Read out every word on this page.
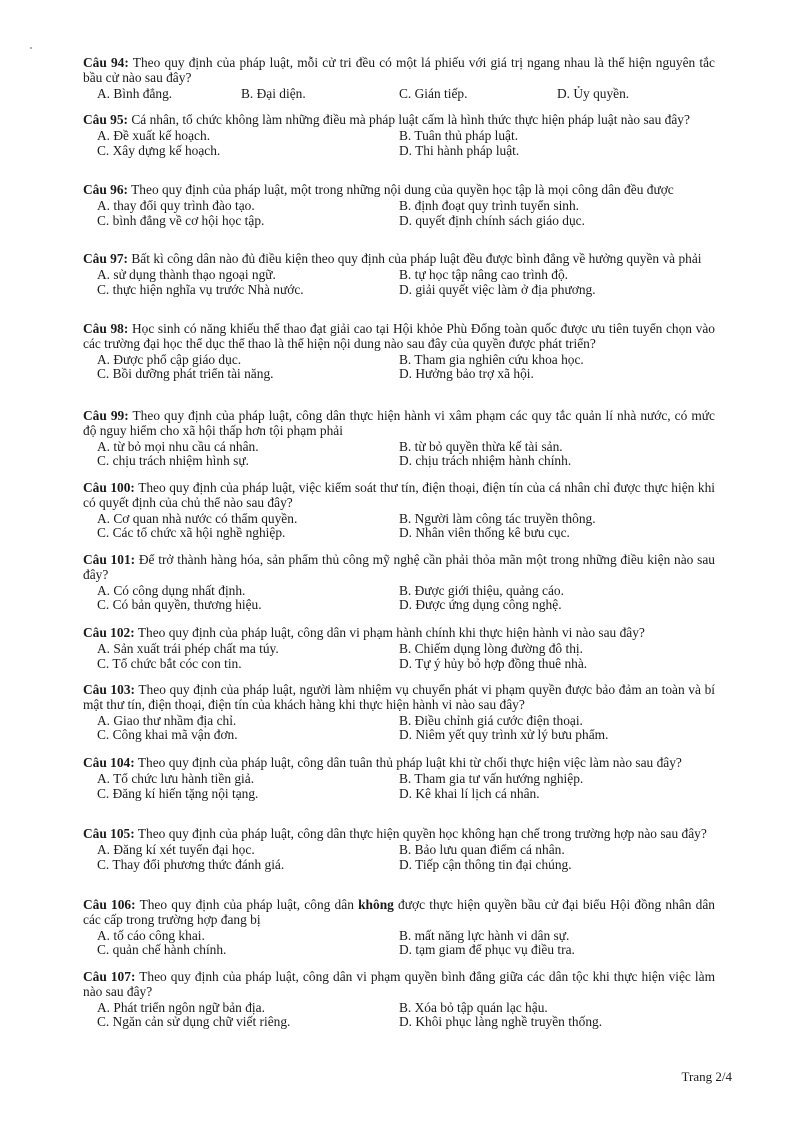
Câu 94: Theo quy định của pháp luật, mỗi cử tri đều có một lá phiếu với giá trị ngang nhau là thể hiện nguyên tắc bầu cử nào sau đây?
A. Bình đẳng.	B. Đại diện.	C. Gián tiếp.	D. Ủy quyền.
Câu 95: Cá nhân, tổ chức không làm những điều mà pháp luật cấm là hình thức thực hiện pháp luật nào sau đây?
A. Đề xuất kế hoạch.	B. Tuân thủ pháp luật.
C. Xây dựng kế hoạch.	D. Thi hành pháp luật.
Câu 96: Theo quy định của pháp luật, một trong những nội dung của quyền học tập là mọi công dân đều được
A. thay đổi quy trình đào tạo.	B. định đoạt quy trình tuyển sinh.
C. bình đẳng về cơ hội học tập.	D. quyết định chính sách giáo dục.
Câu 97: Bất kì công dân nào đủ điều kiện theo quy định của pháp luật đều được bình đẳng về hưởng quyền và phải
A. sử dụng thành thạo ngoại ngữ.	B. tự học tập nâng cao trình độ.
C. thực hiện nghĩa vụ trước Nhà nước.	D. giải quyết việc làm ở địa phương.
Câu 98: Học sinh có năng khiếu thể thao đạt giải cao tại Hội khỏe Phù Đổng toàn quốc được ưu tiên tuyển chọn vào các trường đại học thể dục thể thao là thể hiện nội dung nào sau đây của quyền được phát triển?
A. Được phổ cập giáo dục.	B. Tham gia nghiên cứu khoa học.
C. Bồi dưỡng phát triển tài năng.	D. Hưởng bảo trợ xã hội.
Câu 99: Theo quy định của pháp luật, công dân thực hiện hành vi xâm phạm các quy tắc quản lí nhà nước, có mức độ nguy hiểm cho xã hội thấp hơn tội phạm phải
A. từ bỏ mọi nhu cầu cá nhân.	B. từ bỏ quyền thừa kế tài sản.
C. chịu trách nhiệm hình sự.	D. chịu trách nhiệm hành chính.
Câu 100: Theo quy định của pháp luật, việc kiểm soát thư tín, điện thoại, điện tín của cá nhân chỉ được thực hiện khi có quyết định của chủ thể nào sau đây?
A. Cơ quan nhà nước có thẩm quyền.	B. Người làm công tác truyền thông.
C. Các tổ chức xã hội nghề nghiệp.	D. Nhân viên thống kê bưu cục.
Câu 101: Để trở thành hàng hóa, sản phẩm thủ công mỹ nghệ cần phải thỏa mãn một trong những điều kiện nào sau đây?
A. Có công dụng nhất định.	B. Được giới thiệu, quảng cáo.
C. Có bản quyền, thương hiệu.	D. Được ứng dụng công nghệ.
Câu 102: Theo quy định của pháp luật, công dân vi phạm hành chính khi thực hiện hành vi nào sau đây?
A. Sản xuất trái phép chất ma túy.	B. Chiếm dụng lòng đường đô thị.
C. Tổ chức bắt cóc con tin.	D. Tự ý hủy bỏ hợp đồng thuê nhà.
Câu 103: Theo quy định của pháp luật, người làm nhiệm vụ chuyển phát vi phạm quyền được bảo đảm an toàn và bí mật thư tín, điện thoại, điện tín của khách hàng khi thực hiện hành vi nào sau đây?
A. Giao thư nhầm địa chỉ.	B. Điều chỉnh giá cước điện thoại.
C. Công khai mã vận đơn.	D. Niêm yết quy trình xử lý bưu phẩm.
Câu 104: Theo quy định của pháp luật, công dân tuân thủ pháp luật khi từ chối thực hiện việc làm nào sau đây?
A. Tổ chức lưu hành tiền giả.	B. Tham gia tư vấn hướng nghiệp.
C. Đăng kí hiến tặng nội tạng.	D. Kê khai lí lịch cá nhân.
Câu 105: Theo quy định của pháp luật, công dân thực hiện quyền học không hạn chế trong trường hợp nào sau đây?
A. Đăng kí xét tuyển đại học.	B. Bảo lưu quan điểm cá nhân.
C. Thay đổi phương thức đánh giá.	D. Tiếp cận thông tin đại chúng.
Câu 106: Theo quy định của pháp luật, công dân không được thực hiện quyền bầu cử đại biểu Hội đồng nhân dân các cấp trong trường hợp đang bị
A. tố cáo công khai.	B. mất năng lực hành vi dân sự.
C. quản chế hành chính.	D. tạm giam để phục vụ điều tra.
Câu 107: Theo quy định của pháp luật, công dân vi phạm quyền bình đẳng giữa các dân tộc khi thực hiện việc làm nào sau đây?
A. Phát triển ngôn ngữ bản địa.	B. Xóa bỏ tập quán lạc hậu.
C. Ngăn cản sử dụng chữ viết riêng.	D. Khôi phục làng nghề truyền thống.
Trang 2/4
